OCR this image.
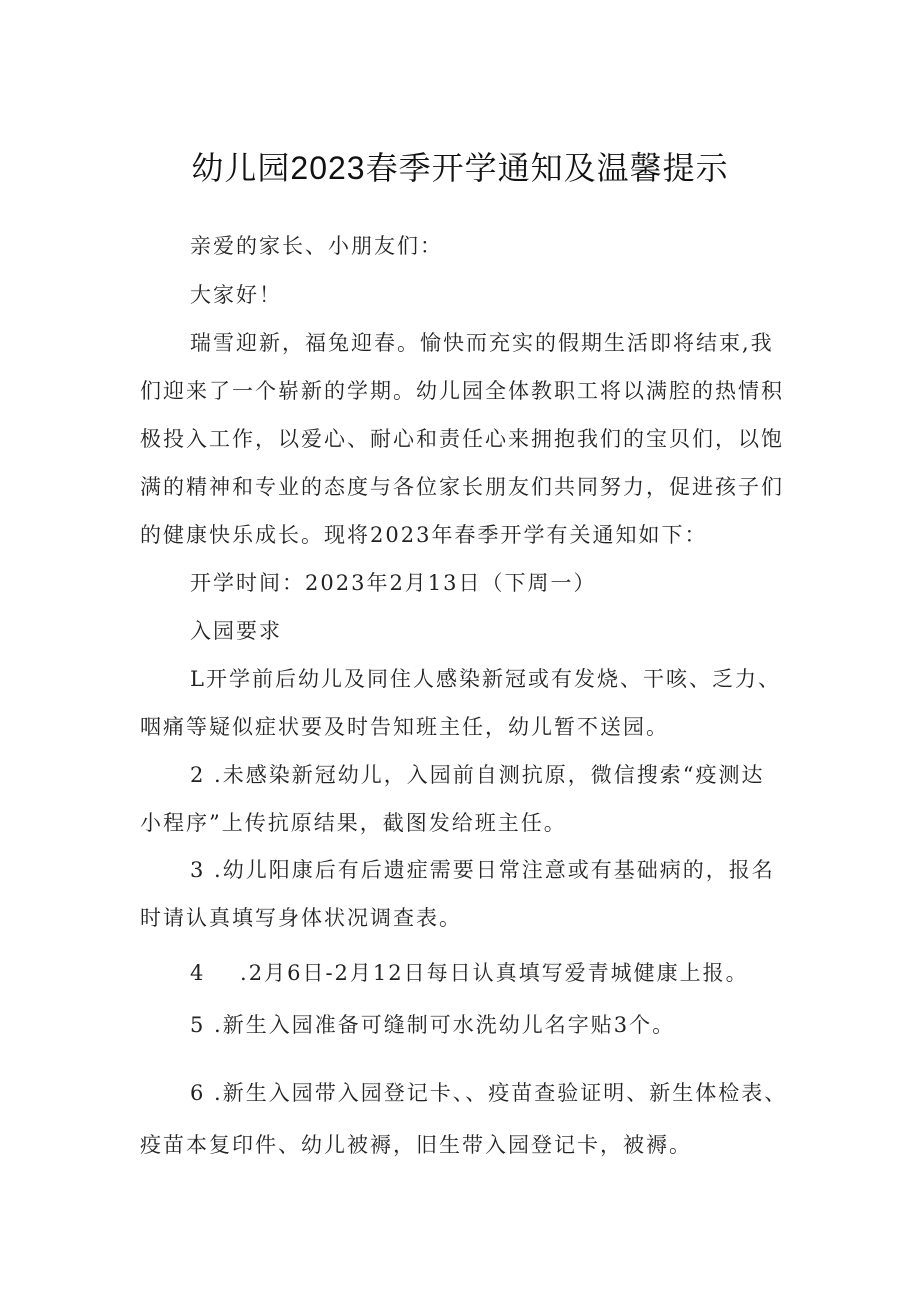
幼儿园2023春季开学通知及温馨提示

亲爱的家长、小朋友们：

大家好！

瑞雪迎新，福兔迎春。愉快而充实的假期生活即将结束,我

们迎来了一个崭新的学期。幼儿园全体教职工将以满腔的热情积

极投入工作，以爱心、耐心和责任心来拥抱我们的宝贝们，以饱

满的精神和专业的态度与各位家长朋友们共同努力，促进孩子们

的健康快乐成长。现将2023年春季开学有关通知如下：

开学时间：2023年2月13日（下周一）

入园要求

L开学前后幼儿及同住人感染新冠或有发烧、干咳、乏力、

咽痛等疑似症状要及时告知班主任，幼儿暂不送园。

2 .未感染新冠幼儿，入园前自测抗原，微信搜索“疫测达

小程序”上传抗原结果，截图发给班主任。

3 .幼儿阳康后有后遗症需要日常注意或有基础病的，报名

时请认真填写身体状况调查表。

4    .2月6日-2月12日每日认真填写爱青城健康上报。

5 .新生入园准备可缝制可水洗幼儿名字贴3个。

6 .新生入园带入园登记卡、、疫苗查验证明、新生体检表、

疫苗本复印件、幼儿被褥，旧生带入园登记卡，被褥。
